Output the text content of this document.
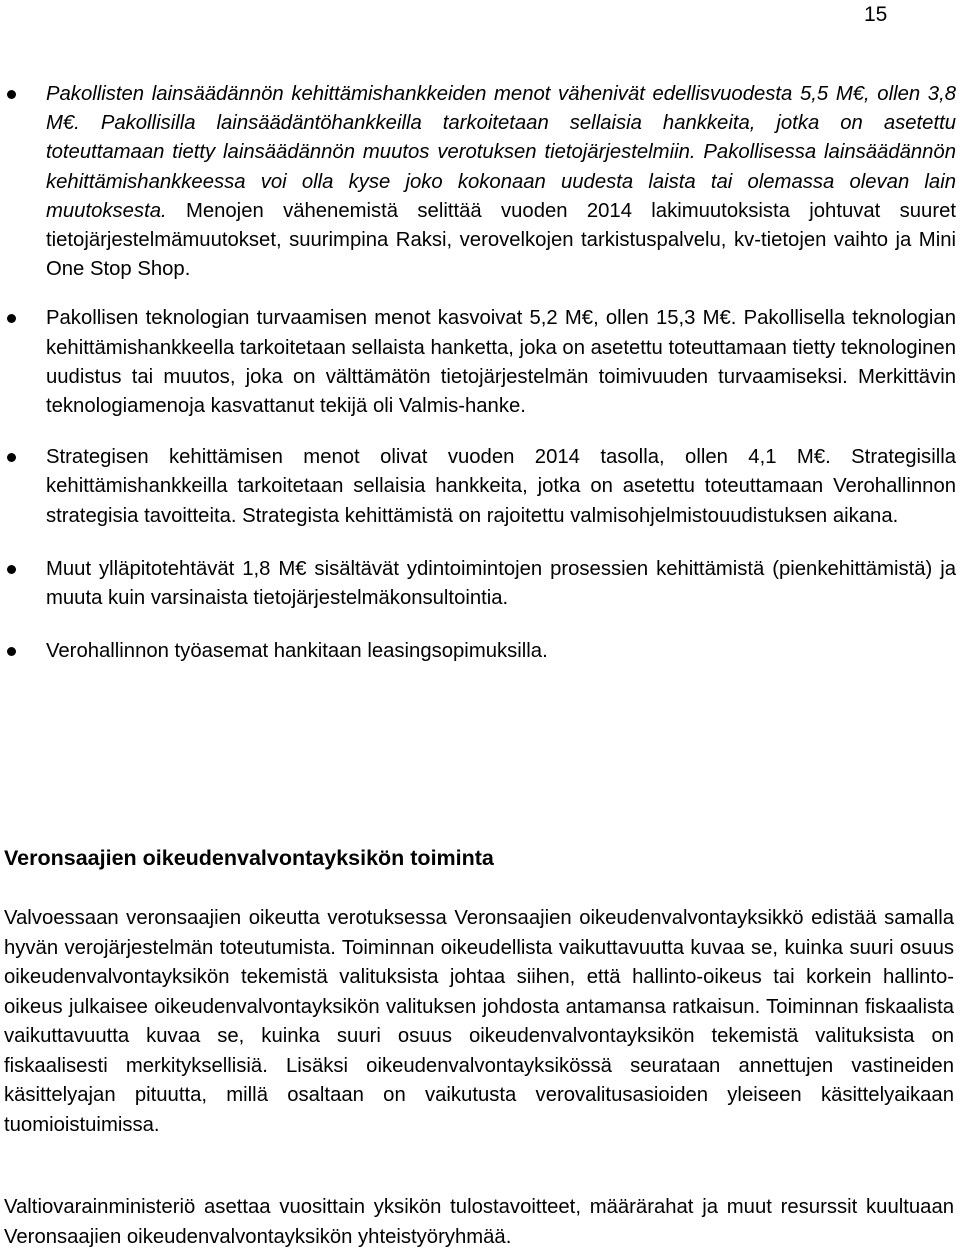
15
Pakollisten lainsäädännön kehittämishankkeiden menot vähenivät edellisvuodesta 5,5 M€, ollen 3,8 M€. Pakollisilla lainsäädäntöhankkeilla tarkoitetaan sellaisia hankkeita, jotka on asetettu toteuttamaan tietty lainsäädännön muutos verotuksen tietojärjestelmiin. Pakollisessa lainsäädännön kehittämishankkeessa voi olla kyse joko kokonaan uudesta laista tai olemassa olevan lain muutoksesta. Menojen vähenemistä selittää vuoden 2014 lakimuutoksista johtuvat suuret tietojärjestelmämuutokset, suurimpina Raksi, verovelkojen tarkistuspalvelu, kv-tietojen vaihto ja Mini One Stop Shop.
Pakollisen teknologian turvaamisen menot kasvoivat 5,2 M€, ollen 15,3 M€. Pakollisella teknologian kehittämishankkeella tarkoitetaan sellaista hanketta, joka on asetettu toteuttamaan tietty teknologinen uudistus tai muutos, joka on välttämätön tietojärjestelmän toimivuuden turvaamiseksi. Merkittävin teknologiamenoja kasvattanut tekijä oli Valmis-hanke.
Strategisen kehittämisen menot olivat vuoden 2014 tasolla, ollen 4,1 M€. Strategisilla kehittämishankkeilla tarkoitetaan sellaisia hankkeita, jotka on asetettu toteuttamaan Verohallinnon strategisia tavoitteita. Strategista kehittämistä on rajoitettu valmisohjelmistouudistuksen aikana.
Muut ylläpitotehtävät 1,8 M€ sisältävät ydintoimintojen prosessien kehittämistä (pienkehittämistä) ja muuta kuin varsinaista tietojärjestelmäkonsultointia.
Verohallinnon työasemat hankitaan leasingsopimuksilla.
Veronsaajien oikeudenvalvontayksikön toiminta

Valvoessaan veronsaajien oikeutta verotuksessa Veronsaajien oikeudenvalvontayksikkö edistää samalla hyvän verojärjestelmän toteutumista. Toiminnan oikeudellista vaikuttavuutta kuvaa se, kuinka suuri osuus oikeudenvalvontayksikön tekemistä valituksista johtaa siihen, että hallinto-oikeus tai korkein hallinto-oikeus julkaisee oikeudenvalvontayksikön valituksen johdosta antamansa ratkaisun. Toiminnan fiskaalista vaikuttavuutta kuvaa se, kuinka suuri osuus oikeudenvalvontayksikön tekemistä valituksista on fiskaalisesti merkityksellisiä. Lisäksi oikeudenvalvontayksikössä seurataan annettujen vastineiden käsittelyajan pituutta, millä osaltaan on vaikutusta verovalitusasioiden yleiseen käsittelyaikaan tuomioistuimissa.

Valtiovarainministeriö asettaa vuosittain yksikön tulostavoitteet, määrärahat ja muut resurssit kuultuaan Veronsaajien oikeudenvalvontayksikön yhteistyöryhmää.
